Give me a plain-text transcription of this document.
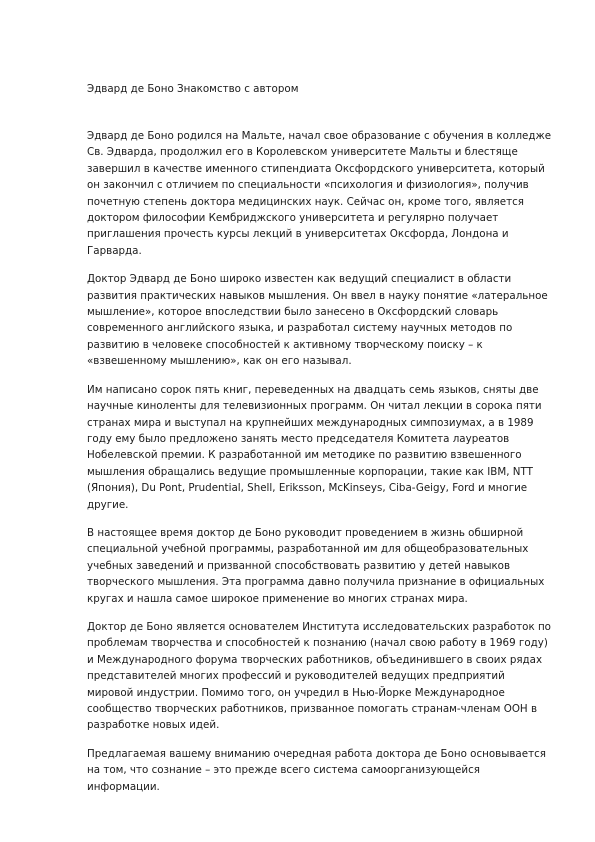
Эдвард де Боно Знакомство с автором

Эдвард де Боно родился на Мальте, начал свое образование с обучения в колледже Св. Эдварда, продолжил его в Королевском университете Мальты и блестяще завершил в качестве именного стипендиата Оксфордского университета, который он закончил с отличием по специальности «психология и физиология», получив почетную степень доктора медицинских наук. Сейчас он, кроме того, является доктором философии Кембриджского университета и регулярно получает приглашения прочесть курсы лекций в университетах Оксфорда, Лондона и Гарварда.

Доктор Эдвард де Боно широко известен как ведущий специалист в области развития практических навыков мышления. Он ввел в науку понятие «латеральное мышление», которое впоследствии было занесено в Оксфордский словарь современного английского языка, и разработал систему научных методов по развитию в человеке способностей к активному творческому поиску – к «взвешенному мышлению», как он его называл.

Им написано сорок пять книг, переведенных на двадцать семь языков, сняты две научные киноленты для телевизионных программ. Он читал лекции в сорока пяти странах мира и выступал на крупнейших международных симпозиумах, а в 1989 году ему было предложено занять место председателя Комитета лауреатов Нобелевской премии. К разработанной им методике по развитию взвешенного мышления обращались ведущие промышленные корпорации, такие как IBM, NTT (Япония), Du Pont, Prudential, Shell, Eriksson, McKinseys, Ciba-Geigy, Ford и многие другие.

В настоящее время доктор де Боно руководит проведением в жизнь обширной специальной учебной программы, разработанной им для общеобразовательных учебных заведений и призванной способствовать развитию у детей навыков творческого мышления. Эта программа давно получила признание в официальных кругах и нашла самое широкое применение во многих странах мира.

Доктор де Боно является основателем Института исследовательских разработок по проблемам творчества и способностей к познанию (начал свою работу в 1969 году) и Международного форума творческих работников, объединившего в своих рядах представителей многих профессий и руководителей ведущих предприятий мировой индустрии. Помимо того, он учредил в Нью-Йорке Международное сообщество творческих работников, призванное помогать странам-членам ООН в разработке новых идей.

Предлагаемая вашему вниманию очередная работа доктора де Боно основывается на том, что сознание – это прежде всего система самоорганизующейся информации.
